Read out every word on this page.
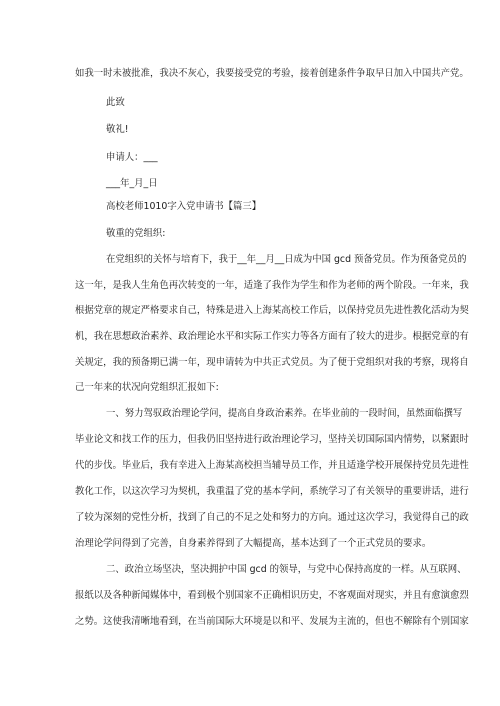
如我一时未被批准，我决不灰心，我要接受党的考验，接着创建条件争取早日加入中国共产党。
此致
敬礼!
申请人：___
___年_月_日
高校老师1010字入党申请书【篇三】
敬重的党组织:
在党组织的关怀与培育下，我于__年__月__日成为中国 gcd 预备党员。作为预备党员的
这一年，是我人生角色再次转变的一年，适逢了我作为学生和作为老师的两个阶段。一年来，我
根据党章的规定严格要求自己，特殊是进入上海某高校工作后，以保持党员先进性教化活动为契
机，我在思想政治素养、政治理论水平和实际工作实力等各方面有了较大的进步。根据党章的有
关规定，我的预备期已满一年，现申请转为中共正式党员。为了便于党组织对我的考察，现将自
己一年来的状况向党组织汇报如下:
一、努力驾驭政治理论学问，提高自身政治素养。在毕业前的一段时间，虽然面临撰写
毕业论文和找工作的压力，但我仍旧坚持进行政治理论学习，坚持关切国际国内情势，以紧跟时
代的步伐。毕业后，我有幸进入上海某高校担当辅导员工作，并且适逢学校开展保持党员先进性
教化工作，以这次学习为契机，我重温了党的基本学问，系统学习了有关领导的重要讲话，进行
了较为深刻的党性分析，找到了自己的不足之处和努力的方向。通过这次学习，我觉得自己的政
治理论学问得到了完善，自身素养得到了大幅提高，基本达到了一个正式党员的要求。
二、政治立场坚决，坚决拥护中国 gcd 的领导，与党中心保持高度的一样。从互联网、
报纸以及各种新闻媒体中，看到极个别国家不正确相识历史，不客观面对现实，并且有愈演愈烈
之势。这使我清晰地看到，在当前国际大环境是以和平、发展为主流的，但也不解除有个别国家
